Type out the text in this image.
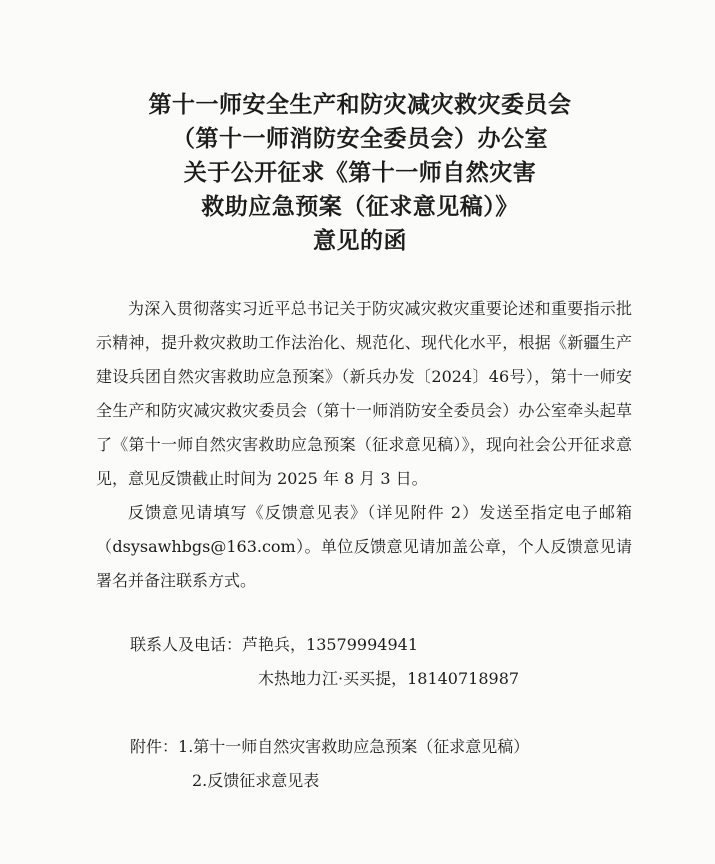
第十一师安全生产和防灾减灾救灾委员会
（第十一师消防安全委员会）办公室
关于公开征求《第十一师自然灾害
救助应急预案（征求意见稿）》
意见的函

为深入贯彻落实习近平总书记关于防灾减灾救灾重要论述和重要指示批示精神，提升救灾救助工作法治化、规范化、现代化水平，根据《新疆生产建设兵团自然灾害救助应急预案》（新兵办发〔2024〕46号），第十一师安全生产和防灾减灾救灾委员会（第十一师消防安全委员会）办公室牵头起草了《第十一师自然灾害救助应急预案（征求意见稿）》，现向社会公开征求意见，意见反馈截止时间为 2025 年 8 月 3 日。

反馈意见请填写《反馈意见表》（详见附件 2）发送至指定电子邮箱（dsysawhbgs@163.com）。单位反馈意见请加盖公章，个人反馈意见请署名并备注联系方式。

联系人及电话：芦艳兵，13579994941
木热地力江·买买提，18140718987
附件：1.第十一师自然灾害救助应急预案（征求意见稿）
2.反馈征求意见表
